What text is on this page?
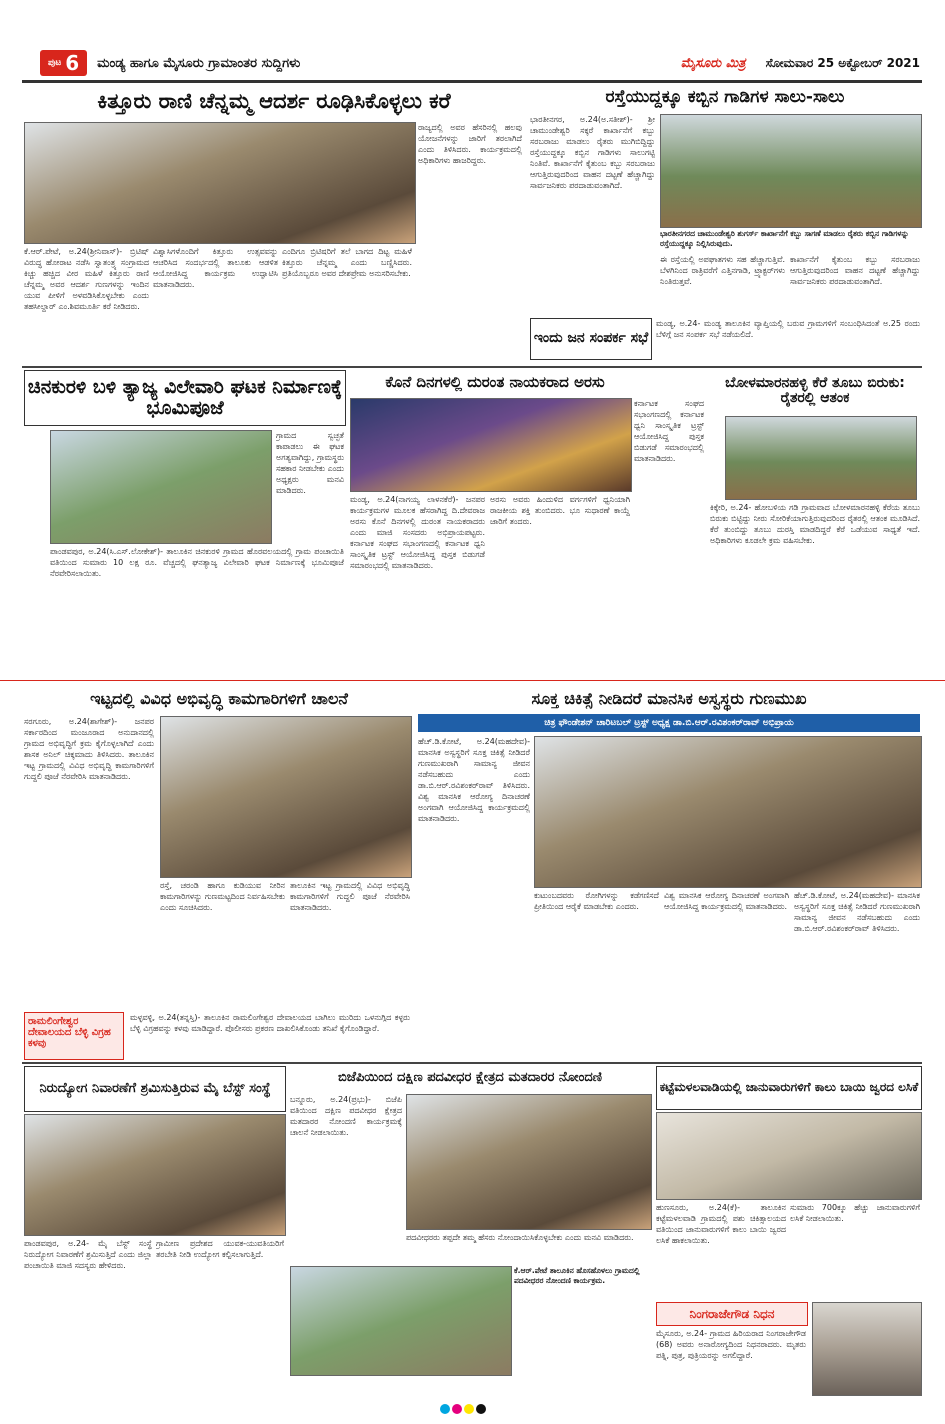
ಪುಟ 6 ಮಂಡ್ಯ ಹಾಗೂ ಮೈಸೂರು ಗ್ರಾಮಾಂತರ ಸುದ್ದಿಗಳು	ಮೈಸೂರು ಮಿತ್ರ ಸೋಮವಾರ 25 ಅಕ್ಟೋಬರ್ 2021
ಕಿತ್ತೂರು ರಾಣಿ ಚೆನ್ನಮ್ಮ ಆದರ್ಶ ರೂಢಿಸಿಕೊಳ್ಳಲು ಕರೆ
ಕೆ.ಆರ್.ಪೇಟೆ, ಅ.24(ಶ್ರೀನಿವಾಸ್)- ಬ್ರಿಟಿಷ್ ವಿರುದ್ಧ ಹೋರಾಟ ನಡೆಸಿ ಸ್ವಾತಂತ್ರ್ಯ ಸಂಗ್ರಾಮದ ಕಿಚ್ಚು ಹಚ್ಚಿದ ವೀರ ಮಹಿಳೆ ಕಿತ್ತೂರು ರಾಣಿ ಚೆನ್ನಮ್ಮ ಅವರ ಆದರ್ಶ ಗುಣಗಳನ್ನು ಇಂದಿನ ಯುವ ಪೀಳಿಗೆ ಅಳವಡಿಸಿಕೊಳ್ಳಬೇಕು ಎಂದು ತಹಸೀಲ್ದಾರ್ ಎಂ.ಶಿವಮೂರ್ತಿ ಕರೆ ನೀಡಿದರು.
ವಿಶ್ವಾಸಿಗಳೊಂದಿಗೆ ಕಿತ್ತೂರು ಉತ್ಸವವನ್ನು ಆಚರಿಸಿದ ಸಂದರ್ಭದಲ್ಲಿ ತಾಲೂಕು ಆಡಳಿತ ಆಯೋಜಿಸಿದ್ದ ಕಾರ್ಯಕ್ರಮ ಉದ್ಘಾಟಿಸಿ ಮಾತನಾಡಿದರು.
ಎಂದಿಗೂ ಬ್ರಿಟಿಷರಿಗೆ ತಲೆ ಬಾಗದ ದಿಟ್ಟ ಮಹಿಳೆ ಕಿತ್ತೂರು ಚೆನ್ನಮ್ಮ ಎಂದು ಬಣ್ಣಿಸಿದರು. ಪ್ರತಿಯೊಬ್ಬರೂ ಅವರ ದೇಶಪ್ರೇಮ ಅನುಸರಿಸಬೇಕು.
ರಾಜ್ಯದಲ್ಲಿ ಅವರ ಹೆಸರಿನಲ್ಲಿ ಹಲವು ಯೋಜನೆಗಳನ್ನು ಜಾರಿಗೆ ತರಲಾಗಿದೆ ಎಂದು ತಿಳಿಸಿದರು. ಕಾರ್ಯಕ್ರಮದಲ್ಲಿ ಅಧಿಕಾರಿಗಳು ಹಾಜರಿದ್ದರು.
ರಸ್ತೆಯುದ್ದಕ್ಕೂ ಕಬ್ಬಿನ ಗಾಡಿಗಳ ಸಾಲು-ಸಾಲು
ಭಾರತೀನಗರ, ಅ.24(ಅ.ಸತೀಶ್)- ಶ್ರೀ ಚಾಮುಂಡೇಶ್ವರಿ ಸಕ್ಕರೆ ಕಾರ್ಖಾನೆಗೆ ಕಬ್ಬು ಸರಬರಾಜು ಮಾಡಲು ರೈತರು ಮುಗಿಬಿದ್ದಿದ್ದು ರಸ್ತೆಯುದ್ದಕ್ಕೂ ಕಬ್ಬಿನ ಗಾಡಿಗಳು ಸಾಲುಗಟ್ಟಿ ನಿಂತಿವೆ. ಕಾರ್ಖಾನೆಗೆ ಕೈತುಂಬ ಕಬ್ಬು ಸರಬರಾಜು ಆಗುತ್ತಿರುವುದರಿಂದ ವಾಹನ ದಟ್ಟಣೆ ಹೆಚ್ಚಾಗಿದ್ದು ಸಾರ್ವಜನಿಕರು ಪರದಾಡುವಂತಾಗಿದೆ.
ಭಾರತೀನಗರದ ಚಾಮುಂಡೇಶ್ವರಿ ಶುಗರ್ಸ್ ಕಾರ್ಖಾನೆಗೆ ಕಬ್ಬು ಸಾಗಣೆ ಮಾಡಲು ರೈತರು ಕಬ್ಬಿನ ಗಾಡಿಗಳನ್ನು ರಸ್ತೆಯುದ್ದಕ್ಕೂ ನಿಲ್ಲಿಸಿರುವುದು.
ಈ ರಸ್ತೆಯಲ್ಲಿ ಅಪಘಾತಗಳು ಸಹ ಹೆಚ್ಚಾಗುತ್ತಿವೆ. ಬೆಳಗಿನಿಂದ ರಾತ್ರಿವರೆಗೆ ಎತ್ತಿನಗಾಡಿ, ಟ್ರ್ಯಾಕ್ಟರ್‌ಗಳು ನಿಂತಿರುತ್ತವೆ.
ಕಾರ್ಖಾನೆಗೆ ಕೈತುಂಬ ಕಬ್ಬು ಸರಬರಾಜು ಆಗುತ್ತಿರುವುದರಿಂದ ವಾಹನ ದಟ್ಟಣೆ ಹೆಚ್ಚಾಗಿದ್ದು ಸಾರ್ವಜನಿಕರು ಪರದಾಡುವಂತಾಗಿದೆ.
ಇಂದು ಜನ ಸಂಪರ್ಕ ಸಭೆ
ಮಂಡ್ಯ, ಅ.24- ಮಂಡ್ಯ ತಾಲೂಕಿನ ವ್ಯಾಪ್ತಿಯಲ್ಲಿ ಬರುವ ಗ್ರಾಮಗಳಿಗೆ ಸಂಬಂಧಿಸಿದಂತೆ ಅ.25 ರಂದು ಬೆಳಿಗ್ಗೆ ಜನ ಸಂಪರ್ಕ ಸಭೆ ನಡೆಯಲಿದೆ.
ಚಿನಕುರಳಿ ಬಳಿ ತ್ಯಾಜ್ಯ ವಿಲೇವಾರಿ ಘಟಕ ನಿರ್ಮಾಣಕ್ಕೆ ಭೂಮಿಪೂಜೆ
ಗ್ರಾಮದ ಸ್ವಚ್ಛತೆ ಕಾಪಾಡಲು ಈ ಘಟಕ ಅಗತ್ಯವಾಗಿದ್ದು, ಗ್ರಾಮಸ್ಥರು ಸಹಕಾರ ನೀಡಬೇಕು ಎಂದು ಅಧ್ಯಕ್ಷರು ಮನವಿ ಮಾಡಿದರು.
ಪಾಂಡವಪುರ, ಅ.24(ಸಿ.ಎಸ್.ಲೋಕೇಶ್)- ತಾಲೂಕಿನ ಚಿನಕುರಳಿ ಗ್ರಾಮದ ಹೊರವಲಯದಲ್ಲಿ ಗ್ರಾಮ ಪಂಚಾಯಿತಿ ವತಿಯಿಂದ ಸುಮಾರು 10 ಲಕ್ಷ ರೂ. ವೆಚ್ಚದಲ್ಲಿ ಘನತ್ಯಾಜ್ಯ ವಿಲೇವಾರಿ ಘಟಕ ನಿರ್ಮಾಣಕ್ಕೆ ಭೂಮಿಪೂಜೆ ನೆರವೇರಿಸಲಾಯಿತು.
ಕೊನೆ ದಿನಗಳಲ್ಲಿ ದುರಂತ ನಾಯಕರಾದ ಅರಸು
ಮಂಡ್ಯ, ಅ.24(ನಾಗಯ್ಯ ಲಾಳನಕೆರೆ)- ಜನಪರ ಕಾರ್ಯಕ್ರಮಗಳ ಮೂಲಕ ಹೆಸರಾಗಿದ್ದ ದಿ.ದೇವರಾಜ ಅರಸು ಕೊನೆ ದಿನಗಳಲ್ಲಿ ದುರಂತ ನಾಯಕರಾದರು ಎಂದು ಮಾಜಿ ಸಂಸದರು ಅಭಿಪ್ರಾಯಪಟ್ಟರು. ಕರ್ನಾಟಕ ಸಂಘದ ಸಭಾಂಗಣದಲ್ಲಿ ಕರ್ನಾಟಕ ಧ್ವನಿ ಸಾಂಸ್ಕೃತಿಕ ಟ್ರಸ್ಟ್ ಆಯೋಜಿಸಿದ್ದ ಪುಸ್ತಕ ಬಿಡುಗಡೆ ಸಮಾರಂಭದಲ್ಲಿ ಮಾತನಾಡಿದರು.
ಅರಸು ಅವರು ಹಿಂದುಳಿದ ವರ್ಗಗಳಿಗೆ ಧ್ವನಿಯಾಗಿ ರಾಜಕೀಯ ಶಕ್ತಿ ತುಂಬಿದರು. ಭೂ ಸುಧಾರಣೆ ಕಾಯ್ದೆ ಜಾರಿಗೆ ತಂದರು.
ಕರ್ನಾಟಕ ಸಂಘದ ಸಭಾಂಗಣದಲ್ಲಿ ಕರ್ನಾಟಕ ಧ್ವನಿ ಸಾಂಸ್ಕೃತಿಕ ಟ್ರಸ್ಟ್ ಆಯೋಜಿಸಿದ್ದ ಪುಸ್ತಕ ಬಿಡುಗಡೆ ಸಮಾರಂಭದಲ್ಲಿ ಮಾತನಾಡಿದರು.
ಬೋಳಮಾರನಹಳ್ಳಿ ಕೆರೆ ತೂಬು ಬಿರುಕು: ರೈತರಲ್ಲಿ ಆತಂಕ
ಕಿಕ್ಕೇರಿ, ಅ.24- ಹೋಬಳಿಯ ಗಡಿ ಗ್ರಾಮವಾದ ಬೋಳಮಾರನಹಳ್ಳಿ ಕೆರೆಯ ತೂಬು ಬಿರುಕು ಬಿಟ್ಟಿದ್ದು ನೀರು ಸೋರಿಕೆಯಾಗುತ್ತಿರುವುದರಿಂದ ರೈತರಲ್ಲಿ ಆತಂಕ ಮೂಡಿಸಿದೆ. ಕೆರೆ ತುಂಬಿದ್ದು ತೂಬು ದುರಸ್ತಿ ಮಾಡದಿದ್ದರೆ ಕೆರೆ ಒಡೆಯುವ ಸಾಧ್ಯತೆ ಇದೆ. ಅಧಿಕಾರಿಗಳು ಕೂಡಲೇ ಕ್ರಮ ವಹಿಸಬೇಕು.
ಇಟ್ಟದಲ್ಲಿ ವಿವಿಧ ಅಭಿವೃದ್ಧಿ ಕಾಮಗಾರಿಗಳಿಗೆ ಚಾಲನೆ
ಸರಗೂರು, ಅ.24(ಶಾಗೇಶ್)- ಜನಪರ ಸರ್ಕಾರದಿಂದ ಮಂಜೂರಾದ ಅನುದಾನದಲ್ಲಿ ಗ್ರಾಮದ ಅಭಿವೃದ್ಧಿಗೆ ಕ್ರಮ ಕೈಗೊಳ್ಳಲಾಗಿದೆ ಎಂದು ಶಾಸಕ ಅನಿಲ್ ಚಿಕ್ಕಮಾದು ತಿಳಿಸಿದರು. ತಾಲೂಕಿನ ಇಟ್ಟ ಗ್ರಾಮದಲ್ಲಿ ವಿವಿಧ ಅಭಿವೃದ್ಧಿ ಕಾಮಗಾರಿಗಳಿಗೆ ಗುದ್ದಲಿ ಪೂಜೆ ನೆರವೇರಿಸಿ ಮಾತನಾಡಿದರು.
ರಸ್ತೆ, ಚರಂಡಿ ಹಾಗೂ ಕುಡಿಯುವ ನೀರಿನ ಕಾಮಗಾರಿಗಳನ್ನು ಗುಣಮಟ್ಟದಿಂದ ನಿರ್ವಹಿಸಬೇಕು ಎಂದು ಸೂಚಿಸಿದರು.
ತಾಲೂಕಿನ ಇಟ್ಟ ಗ್ರಾಮದಲ್ಲಿ ವಿವಿಧ ಅಭಿವೃದ್ಧಿ ಕಾಮಗಾರಿಗಳಿಗೆ ಗುದ್ದಲಿ ಪೂಜೆ ನೆರವೇರಿಸಿ ಮಾತನಾಡಿದರು.
ರಾಮಲಿಂಗೇಶ್ವರ ದೇವಾಲಯದ ಬೆಳ್ಳಿ ವಿಗ್ರಹ ಕಳವು
ಮಳ್ಳವಳ್ಳಿ, ಅ.24(ತನ್ನಸ್ತಿ)- ತಾಲೂಕಿನ ರಾಮಲಿಂಗೇಶ್ವರ ದೇವಾಲಯದ ಬಾಗಿಲು ಮುರಿದು ಒಳನುಗ್ಗಿದ ಕಳ್ಳರು ಬೆಳ್ಳಿ ವಿಗ್ರಹವನ್ನು ಕಳವು ಮಾಡಿದ್ದಾರೆ. ಪೊಲೀಸರು ಪ್ರಕರಣ ದಾಖಲಿಸಿಕೊಂಡು ತನಿಖೆ ಕೈಗೊಂಡಿದ್ದಾರೆ.
ಸೂಕ್ತ ಚಿಕಿತ್ಸೆ ನೀಡಿದರೆ ಮಾನಸಿಕ ಅಸ್ವಸ್ಥರು ಗುಣಮುಖ
ಚಿತ್ರ ಫೌಂಡೇಶನ್ ಚಾರಿಟಬಲ್ ಟ್ರಸ್ಟ್ ಅಧ್ಯಕ್ಷ ಡಾ.ಬಿ.ಆರ್.ರವಿಶಂಕರ್‌ರಾವ್ ಅಭಿಪ್ರಾಯ
ಹೆಚ್.ಡಿ.ಕೋಟೆ, ಅ.24(ಮಹದೇವ)- ಮಾನಸಿಕ ಅಸ್ವಸ್ಥರಿಗೆ ಸೂಕ್ತ ಚಿಕಿತ್ಸೆ ನೀಡಿದರೆ ಗುಣಮುಖರಾಗಿ ಸಾಮಾನ್ಯ ಜೀವನ ನಡೆಸಬಹುದು ಎಂದು ಡಾ.ಬಿ.ಆರ್.ರವಿಶಂಕರ್‌ರಾವ್ ತಿಳಿಸಿದರು. ವಿಶ್ವ ಮಾನಸಿಕ ಆರೋಗ್ಯ ದಿನಾಚರಣೆ ಅಂಗವಾಗಿ ಆಯೋಜಿಸಿದ್ದ ಕಾರ್ಯಕ್ರಮದಲ್ಲಿ ಮಾತನಾಡಿದರು.
ಕುಟುಂಬದವರು ರೋಗಿಗಳನ್ನು ಕಡೆಗಣಿಸದೆ ಪ್ರೀತಿಯಿಂದ ಆರೈಕೆ ಮಾಡಬೇಕು ಎಂದರು.
ವಿಶ್ವ ಮಾನಸಿಕ ಆರೋಗ್ಯ ದಿನಾಚರಣೆ ಅಂಗವಾಗಿ ಆಯೋಜಿಸಿದ್ದ ಕಾರ್ಯಕ್ರಮದಲ್ಲಿ ಮಾತನಾಡಿದರು.
ಹೆಚ್.ಡಿ.ಕೋಟೆ, ಅ.24(ಮಹದೇವ)- ಮಾನಸಿಕ ಅಸ್ವಸ್ಥರಿಗೆ ಸೂಕ್ತ ಚಿಕಿತ್ಸೆ ನೀಡಿದರೆ ಗುಣಮುಖರಾಗಿ ಸಾಮಾನ್ಯ ಜೀವನ ನಡೆಸಬಹುದು ಎಂದು ಡಾ.ಬಿ.ಆರ್.ರವಿಶಂಕರ್‌ರಾವ್ ತಿಳಿಸಿದರು.
ನಿರುದ್ಯೋಗ ನಿವಾರಣೆಗೆ ಶ್ರಮಿಸುತ್ತಿರುವ ಮೈ ಬೆಸ್ಟ್ ಸಂಸ್ಥೆ
ಪಾಂಡವಪುರ, ಅ.24- ಮೈ ಬೆಸ್ಟ್ ಸಂಸ್ಥೆ ನಿರುದ್ಯೋಗ ನಿವಾರಣೆಗೆ ಶ್ರಮಿಸುತ್ತಿದೆ ಎಂದು ಜಿಲ್ಲಾ ಪಂಚಾಯಿತಿ ಮಾಜಿ ಸದಸ್ಯರು ಹೇಳಿದರು.
ಗ್ರಾಮೀಣ ಪ್ರದೇಶದ ಯುವಕ-ಯುವತಿಯರಿಗೆ ತರಬೇತಿ ನೀಡಿ ಉದ್ಯೋಗ ಕಲ್ಪಿಸಲಾಗುತ್ತಿದೆ.
ಬಿಜೆಪಿಯಿಂದ ದಕ್ಷಿಣ ಪದವೀಧರ ಕ್ಷೇತ್ರದ ಮತದಾರರ ನೋಂದಣಿ
ಬನ್ನೂರು, ಅ.24(ಪ್ರಭು)- ಬಿಜೆಪಿ ವತಿಯಿಂದ ದಕ್ಷಿಣ ಪದವೀಧರ ಕ್ಷೇತ್ರದ ಮತದಾರರ ನೋಂದಣಿ ಕಾರ್ಯಕ್ರಮಕ್ಕೆ ಚಾಲನೆ ನೀಡಲಾಯಿತು.
ಪದವೀಧರರು ತಪ್ಪದೇ ತಮ್ಮ ಹೆಸರು ನೋಂದಾಯಿಸಿಕೊಳ್ಳಬೇಕು ಎಂದು ಮನವಿ ಮಾಡಿದರು.
ಕೆ.ಆರ್.ಪೇಟೆ ತಾಲೂಕಿನ ಹೊಸಹೊಳಲು ಗ್ರಾಮದಲ್ಲಿ ಪದವೀಧರರ ನೋಂದಣಿ ಕಾರ್ಯಕ್ರಮ.
ಕಟ್ಟೆಮಳಲವಾಡಿಯಲ್ಲಿ ಜಾನುವಾರುಗಳಿಗೆ ಕಾಲು ಬಾಯಿ ಜ್ವರದ ಲಸಿಕೆ
ಹುಣಸೂರು, ಅ.24(ಕೆ)- ತಾಲೂಕಿನ ಕಟ್ಟೆಮಳಲವಾಡಿ ಗ್ರಾಮದಲ್ಲಿ ಪಶು ಚಿಕಿತ್ಸಾಲಯದ ವತಿಯಿಂದ ಜಾನುವಾರುಗಳಿಗೆ ಕಾಲು ಬಾಯಿ ಜ್ವರದ ಲಸಿಕೆ ಹಾಕಲಾಯಿತು.
ಸುಮಾರು 700ಕ್ಕೂ ಹೆಚ್ಚು ಜಾನುವಾರುಗಳಿಗೆ ಲಸಿಕೆ ನೀಡಲಾಯಿತು.
ನಿಂಗರಾಜೇಗೌಡ ನಿಧನ
ಮೈಸೂರು, ಅ.24- ಗ್ರಾಮದ ಹಿರಿಯರಾದ ನಿಂಗರಾಜೇಗೌಡ (68) ಅವರು ಅನಾರೋಗ್ಯದಿಂದ ನಿಧನರಾದರು. ಮೃತರು ಪತ್ನಿ, ಪುತ್ರ, ಪುತ್ರಿಯರನ್ನು ಅಗಲಿದ್ದಾರೆ.
